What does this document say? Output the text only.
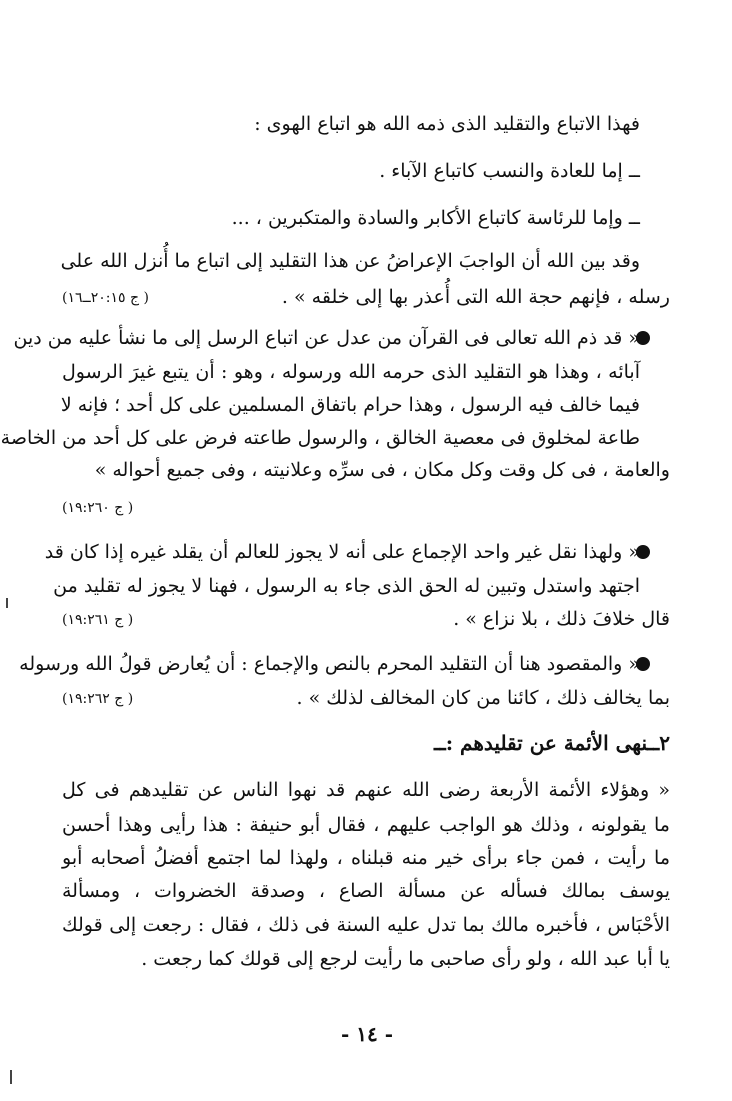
فهذا الاتباع والتقليد الذى ذمه الله هو اتباع الهوى :
ــ إما للعادة والنسب كاتباع الآباء .
ــ وإما للرئاسة كاتباع الأكابر والسادة والمتكبرين ، ...
وقد بين الله أن الواجبَ الإعراضُ عن هذا التقليد إلى اتباع ما أُنزل الله على
رسله ، فإنهم حجة الله التى أُعذر بها إلى خلقه » .
( ج ٢٠:١٥ــ١٦)
« قد ذم الله تعالى فى القرآن من عدل عن اتباع الرسل إلى ما نشأ عليه من دين
آبائه ، وهذا هو التقليد الذى حرمه الله ورسوله ، وهو : أن يتبع غيرَ الرسول
فيما خالف فيه الرسول ، وهذا حرام باتفاق المسلمين على كل أحد ؛ فإنه لا
طاعة لمخلوق فى معصية الخالق ، والرسول طاعته فرض على كل أحد من الخاصة
والعامة ، فى كل وقت وكل مكان ، فى سرِّه وعلانيته ، وفى جميع أحواله »
( ج ١٩:٢٦٠)
« ولهذا نقل غير واحد الإجماع على أنه لا يجوز للعالم أن يقلد غيره إذا كان قد
اجتهد واستدل وتبين له الحق الذى جاء به الرسول ، فهنا لا يجوز له تقليد من
قال خلافَ ذلك ، بلا نزاع » .
( ج ١٩:٢٦١)
« والمقصود هنا أن التقليد المحرم بالنص والإجماع : أن يُعارض قولُ الله ورسوله
بما يخالف ذلك ، كائنا من كان المخالف لذلك » .
( ج ١٩:٢٦٢)
٢ــنهى الأئمة عن تقليدهم :ــ
« وهؤلاء الأئمة الأربعة رضى الله عنهم قد نهوا الناس عن تقليدهم فى كل
ما يقولونه ، وذلك هو الواجب عليهم ، فقال أبو حنيفة : هذا رأيى وهذا أحسن
ما رأيت ، فمن جاء برأى خير منه قبلناه ، ولهذا لما اجتمع أفضلُ أصحابه أبو
يوسف بمالك فسأله عن مسألة الصاع ، وصدقة الخضروات ، ومسألة
الأحْبَاس ، فأخبره مالك بما تدل عليه السنة فى ذلك ، فقال : رجعت إلى قولك
يا أبا عبد الله ، ولو رأى صاحبى ما رأيت لرجع إلى قولك كما رجعت .
- ١٤ -
